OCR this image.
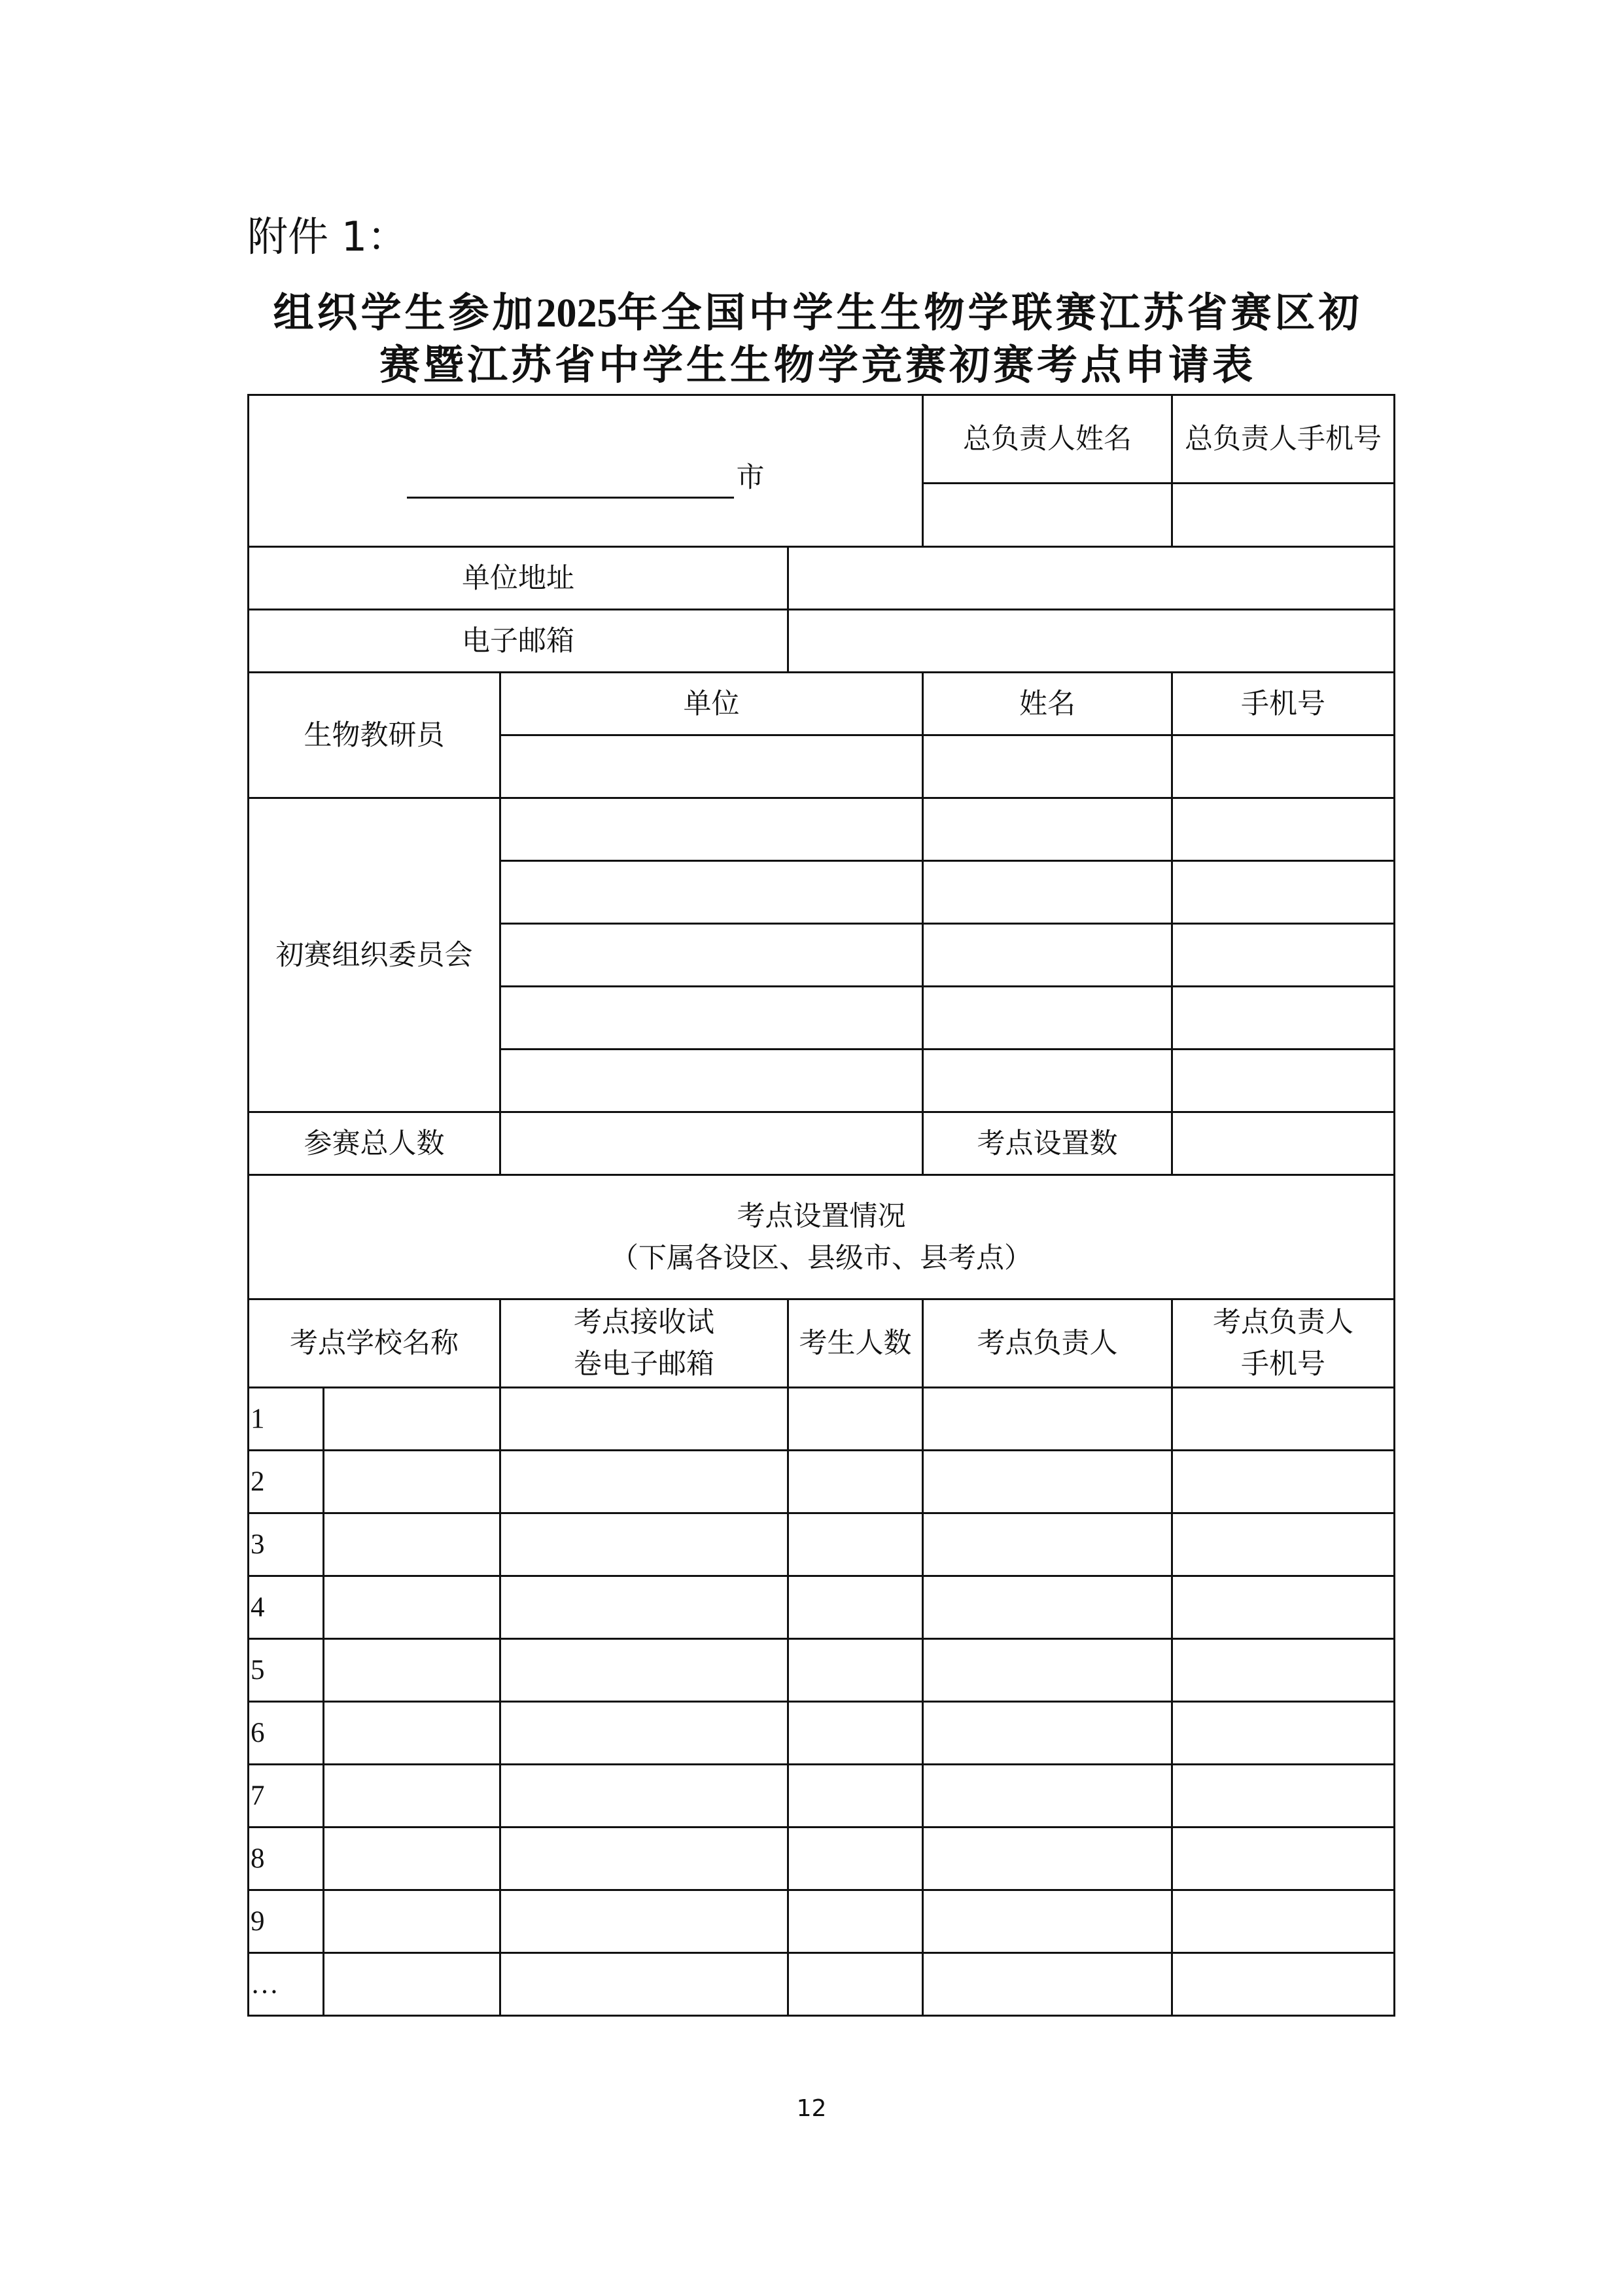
附件 1：

组织学生参加2025年全国中学生生物学联赛江苏省赛区初
赛暨江苏省中学生生物学竞赛初赛考点申请表
市				总负责人姓名	总负责人手机号

单位地址					
电子邮箱					
生物教研员		单位		姓名	手机号

初赛组织委员会					

参赛总人数				考点设置数	

考点设置情况
（下属各设区、县级市、县考点）					

考点学校名称		考点接收试卷电子邮箱	考生人数	考点负责人	考点负责人手机号
1					
2					
3					
4					
5					
6					
7					
8					
9					
…					

12
